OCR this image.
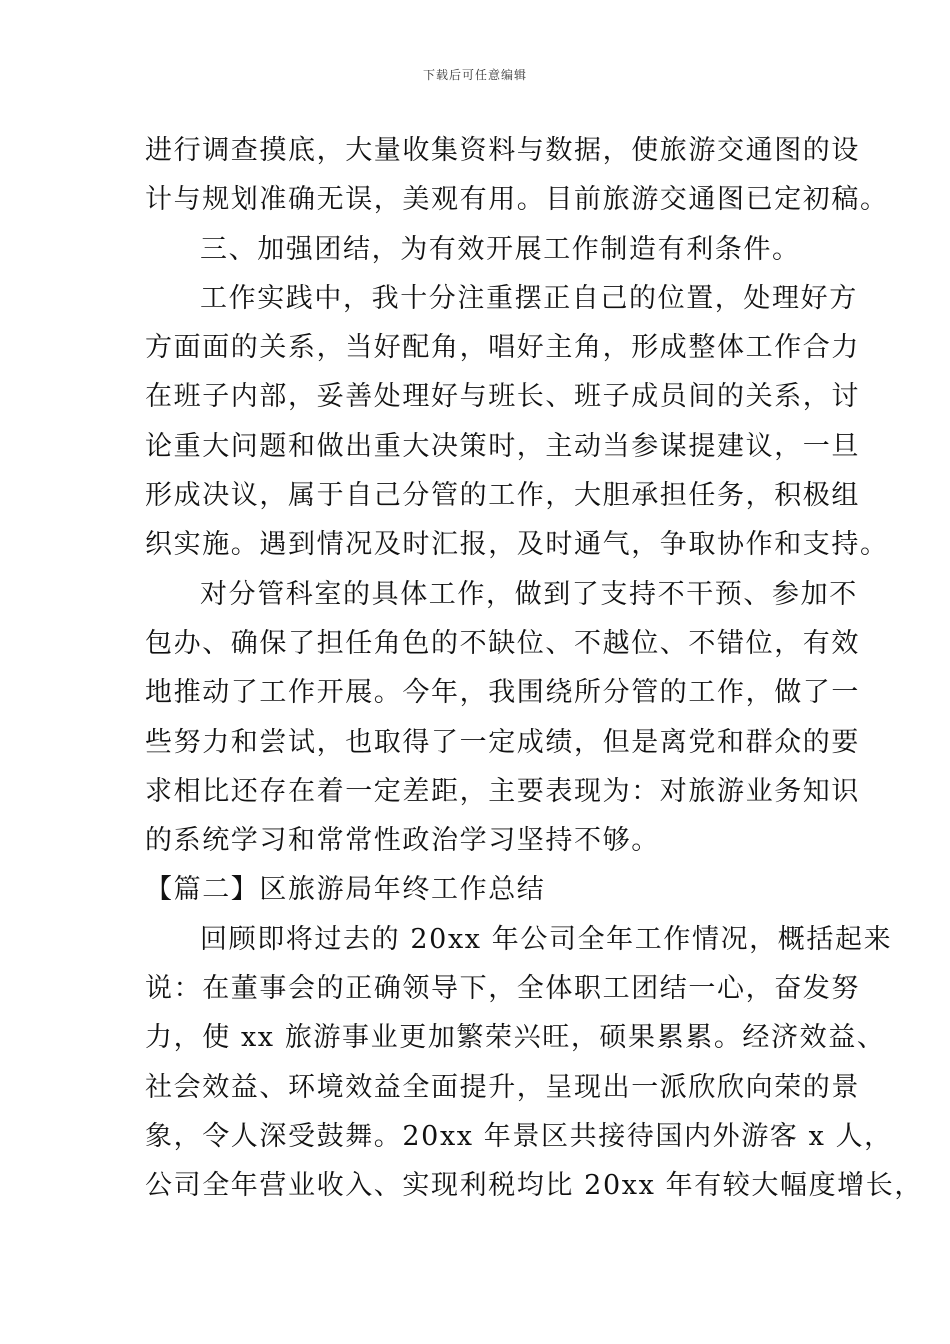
下载后可任意编辑
进行调查摸底，大量收集资料与数据，使旅游交通图的设
计与规划准确无误，美观有用。目前旅游交通图已定初稿。
三、加强团结，为有效开展工作制造有利条件。
工作实践中，我十分注重摆正自己的位置，处理好方
方面面的关系，当好配角，唱好主角，形成整体工作合力
在班子内部，妥善处理好与班长、班子成员间的关系，讨
论重大问题和做出重大决策时，主动当参谋提建议，一旦
形成决议，属于自己分管的工作，大胆承担任务，积极组
织实施。遇到情况及时汇报，及时通气，争取协作和支持。
对分管科室的具体工作，做到了支持不干预、参加不
包办、确保了担任角色的不缺位、不越位、不错位，有效
地推动了工作开展。今年，我围绕所分管的工作，做了一
些努力和尝试，也取得了一定成绩，但是离党和群众的要
求相比还存在着一定差距，主要表现为：对旅游业务知识
的系统学习和常常性政治学习坚持不够。
【篇二】区旅游局年终工作总结
回顾即将过去的 20xx 年公司全年工作情况，概括起来
说：在董事会的正确领导下，全体职工团结一心，奋发努
力，使 xx 旅游事业更加繁荣兴旺，硕果累累。经济效益、
社会效益、环境效益全面提升，呈现出一派欣欣向荣的景
象，令人深受鼓舞。20xx 年景区共接待国内外游客 x 人，
公司全年营业收入、实现利税均比 20xx 年有较大幅度增长，
